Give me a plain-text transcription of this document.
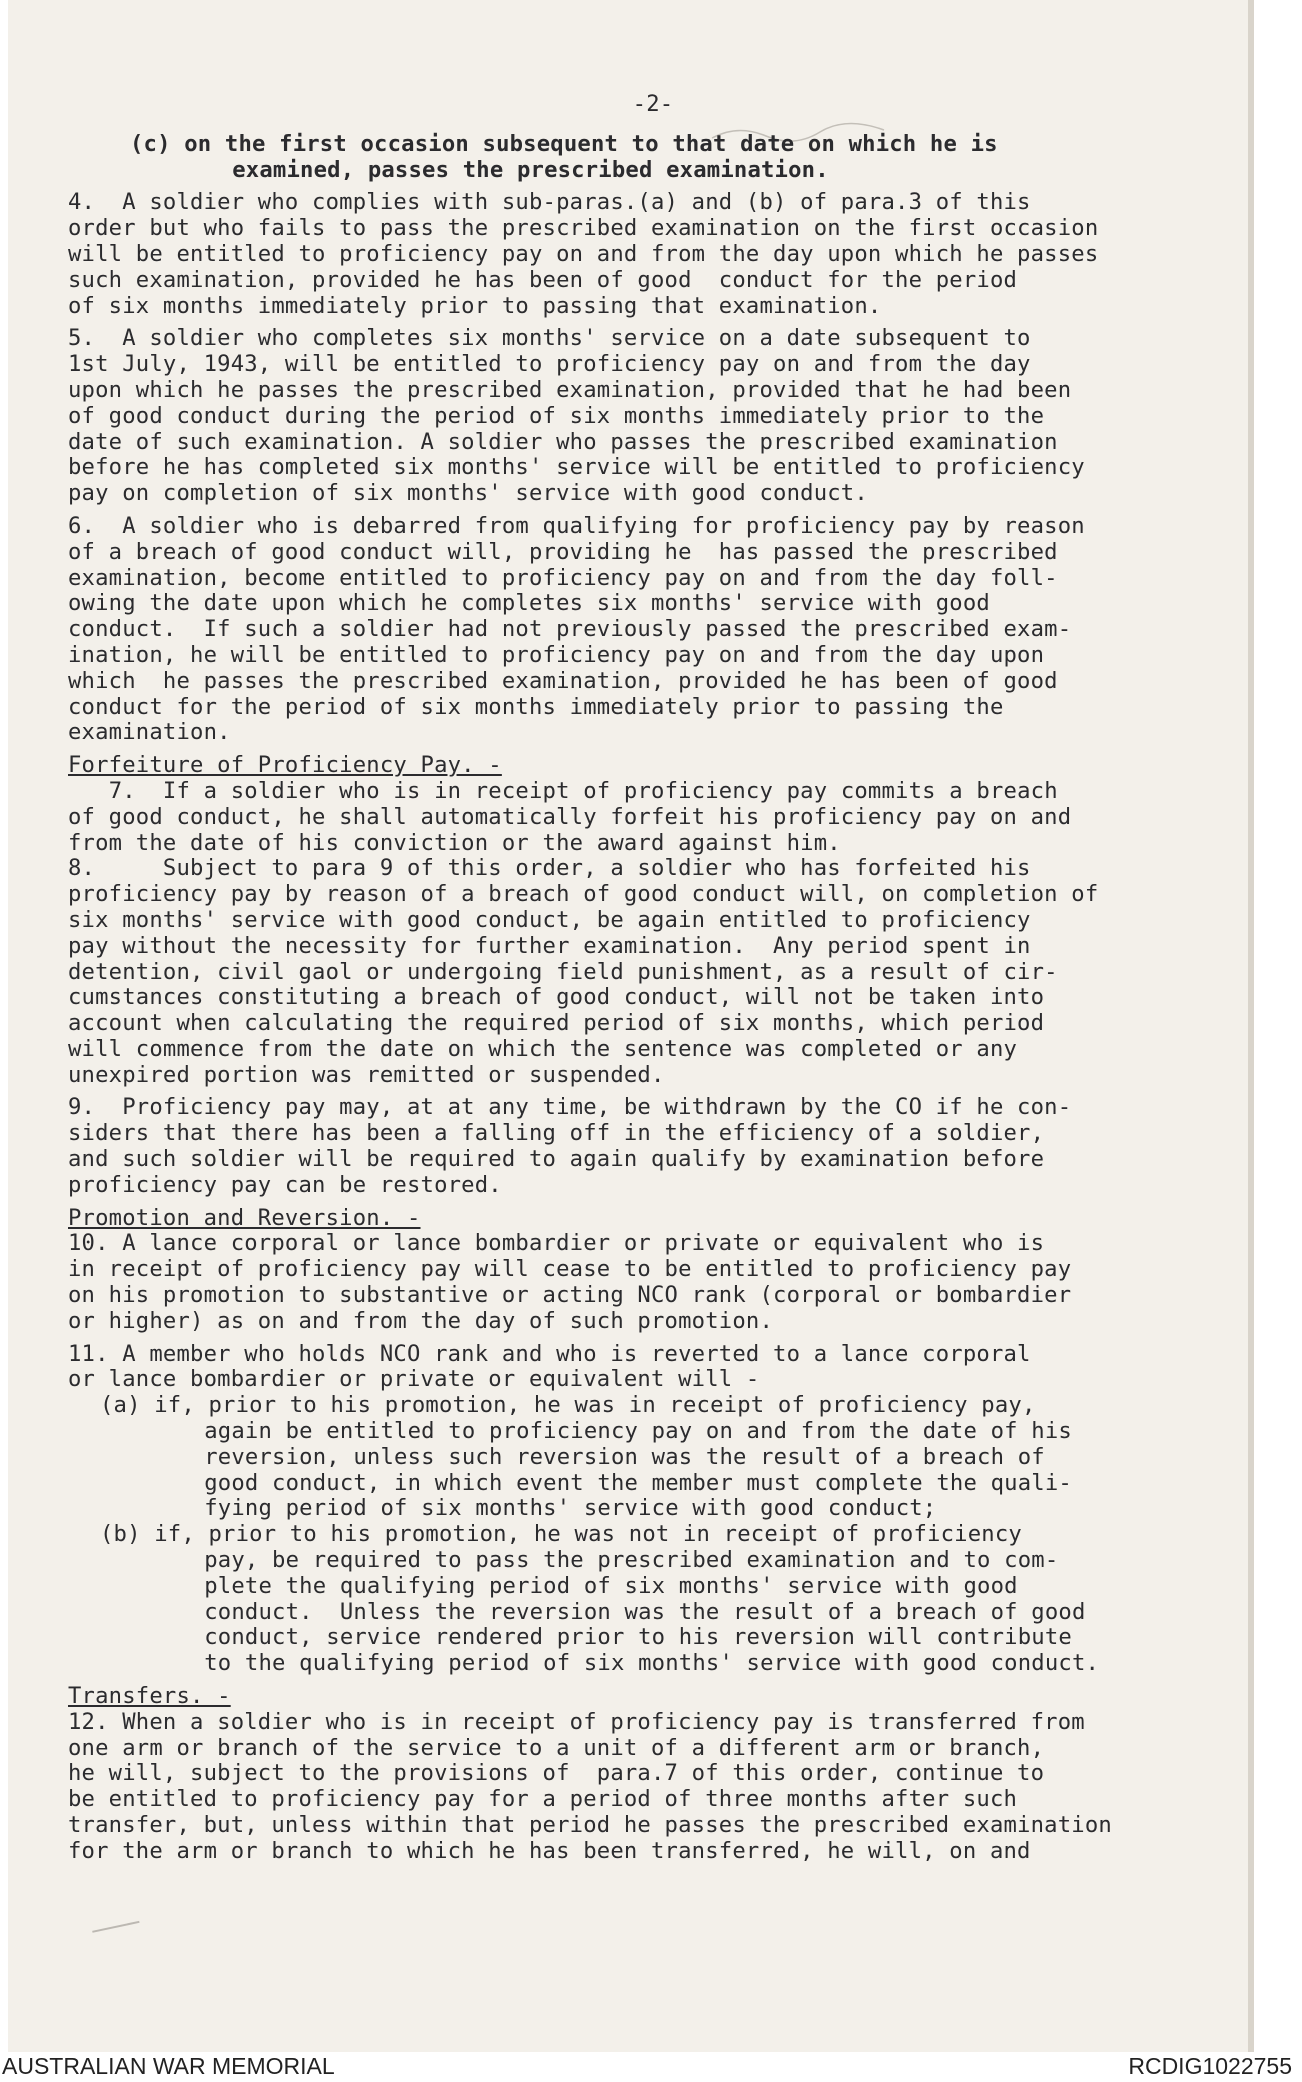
-2-

(c) on the first occasion subsequent to that date on which he is
examined, passes the prescribed examination.

4.  A soldier who complies with sub-paras.(a) and (b) of para.3 of this
order but who fails to pass the prescribed examination on the first occasion
will be entitled to proficiency pay on and from the day upon which he passes
such examination, provided he has been of good  conduct for the period
of six months immediately prior to passing that examination.

5.  A soldier who completes six months' service on a date subsequent to
1st July, 1943, will be entitled to proficiency pay on and from the day
upon which he passes the prescribed examination, provided that he had been
of good conduct during the period of six months immediately prior to the
date of such examination. A soldier who passes the prescribed examination
before he has completed six months' service will be entitled to proficiency
pay on completion of six months' service with good conduct.

6.  A soldier who is debarred from qualifying for proficiency pay by reason
of a breach of good conduct will, providing he  has passed the prescribed
examination, become entitled to proficiency pay on and from the day foll-
owing the date upon which he completes six months' service with good
conduct.  If such a soldier had not previously passed the prescribed exam-
ination, he will be entitled to proficiency pay on and from the day upon
which  he passes the prescribed examination, provided he has been of good
conduct for the period of six months immediately prior to passing the
examination.

Forfeiture of Proficiency Pay. -

7.  If a soldier who is in receipt of proficiency pay commits a breach
of good conduct, he shall automatically forfeit his proficiency pay on and
from the date of his conviction or the award against him.

8.     Subject to para 9 of this order, a soldier who has forfeited his
proficiency pay by reason of a breach of good conduct will, on completion of
six months' service with good conduct, be again entitled to proficiency
pay without the necessity for further examination.  Any period spent in
detention, civil gaol or undergoing field punishment, as a result of cir-
cumstances constituting a breach of good conduct, will not be taken into
account when calculating the required period of six months, which period
will commence from the date on which the sentence was completed or any
unexpired portion was remitted or suspended.

9.  Proficiency pay may, at at any time, be withdrawn by the CO if he con-
siders that there has been a falling off in the efficiency of a soldier,
and such soldier will be required to again qualify by examination before
proficiency pay can be restored.

Promotion and Reversion. -

10. A lance corporal or lance bombardier or private or equivalent who is
in receipt of proficiency pay will cease to be entitled to proficiency pay
on his promotion to substantive or acting NCO rank (corporal or bombardier
or higher) as on and from the day of such promotion.

11. A member who holds NCO rank and who is reverted to a lance corporal
or lance bombardier or private or equivalent will -

(a) if, prior to his promotion, he was in receipt of proficiency pay,
again be entitled to proficiency pay on and from the date of his
reversion, unless such reversion was the result of a breach of
good conduct, in which event the member must complete the quali-
fying period of six months' service with good conduct;

(b) if, prior to his promotion, he was not in receipt of proficiency
pay, be required to pass the prescribed examination and to com-
plete the qualifying period of six months' service with good
conduct.  Unless the reversion was the result of a breach of good
conduct, service rendered prior to his reversion will contribute
to the qualifying period of six months' service with good conduct.

Transfers. -

12. When a soldier who is in receipt of proficiency pay is transferred from
one arm or branch of the service to a unit of a different arm or branch,
he will, subject to the provisions of  para.7 of this order, continue to
be entitled to proficiency pay for a period of three months after such
transfer, but, unless within that period he passes the prescribed examination
for the arm or branch to which he has been transferred, he will, on and

AUSTRALIAN WAR MEMORIAL	RCDIG1022755
